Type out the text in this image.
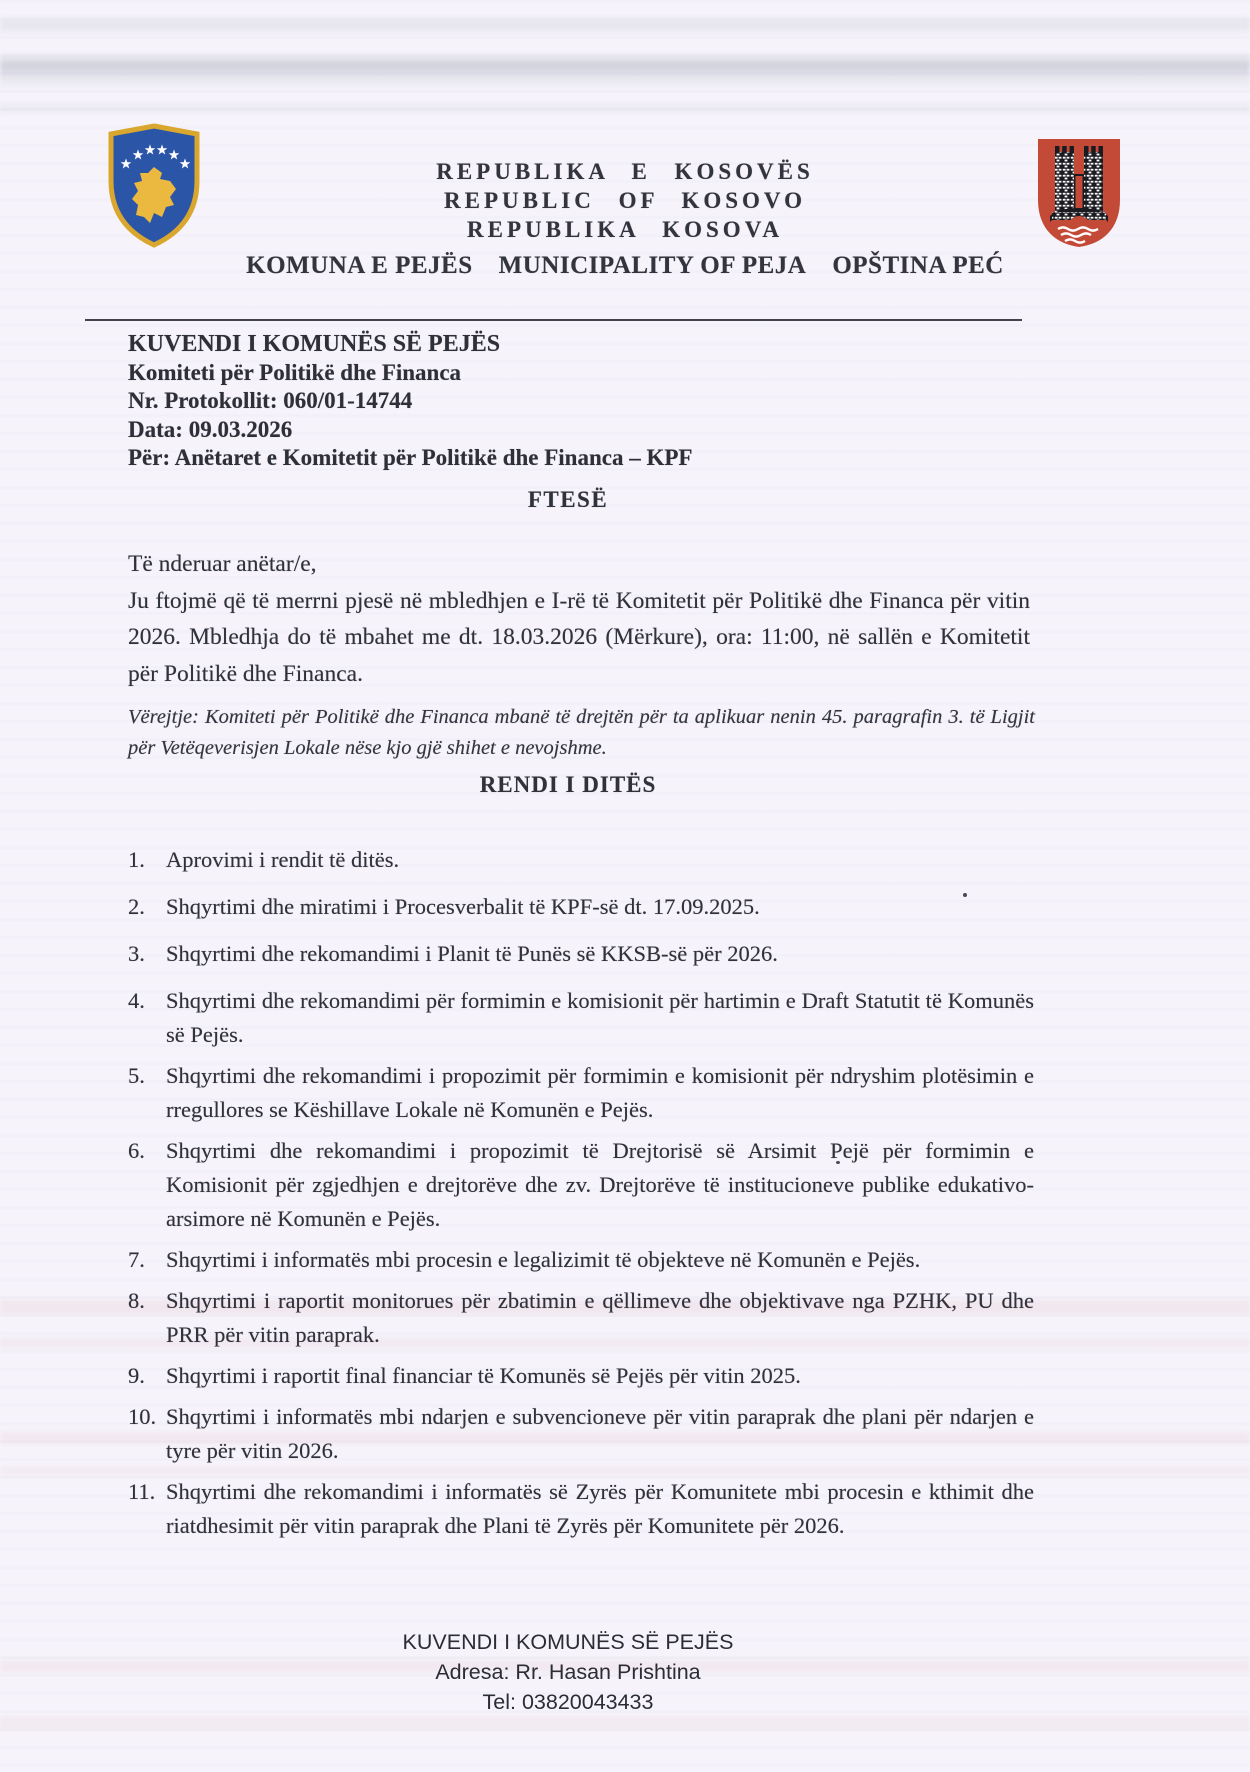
REPUBLIKA E KOSOVËS
REPUBLIC OF KOSOVO
REPUBLIKA KOSOVA
KOMUNA E PEJËS MUNICIPALITY OF PEJA OPŠTINA PEĆ
KUVENDI I KOMUNËS SË PEJËS
Komiteti për Politikë dhe Financa
Nr. Protokollit: 060/01-14744
Data: 09.03.2026
Për: Anëtaret e Komitetit për Politikë dhe Financa – KPF
FTESË
Të nderuar anëtar/e,
Ju ftojmë që të merrni pjesë në mbledhjen e I-rë të Komitetit për Politikë dhe Financa për vitin 2026. Mbledhja do të mbahet me dt. 18.03.2026 (Mërkure), ora: 11:00, në sallën e Komitetit për Politikë dhe Financa.
Vërejtje: Komiteti për Politikë dhe Financa mbanë të drejtën për ta aplikuar nenin 45. paragrafin 3. të Ligjit për Vetëqeverisjen Lokale nëse kjo gjë shihet e nevojshme.
RENDI I DITËS
1. Aprovimi i rendit të ditës.
2. Shqyrtimi dhe miratimi i Procesverbalit të KPF-së dt. 17.09.2025.
3. Shqyrtimi dhe rekomandimi i Planit të Punës së KKSB-së për 2026.
4. Shqyrtimi dhe rekomandimi për formimin e komisionit për hartimin e Draft Statutit të Komunës së Pejës.
5. Shqyrtimi dhe rekomandimi i propozimit për formimin e komisionit për ndryshim plotësimin e rregullores se Këshillave Lokale në Komunën e Pejës.
6. Shqyrtimi dhe rekomandimi i propozimit të Drejtorisë së Arsimit Pejë për formimin e Komisionit për zgjedhjen e drejtorëve dhe zv. Drejtorëve të institucioneve publike edukativo-arsimore në Komunën e Pejës.
7. Shqyrtimi i informatës mbi procesin e legalizimit të objekteve në Komunën e Pejës.
8. Shqyrtimi i raportit monitorues për zbatimin e qëllimeve dhe objektivave nga PZHK, PU dhe PRR për vitin paraprak.
9. Shqyrtimi i raportit final financiar të Komunës së Pejës për vitin 2025.
10. Shqyrtimi i informatës mbi ndarjen e subvencioneve për vitin paraprak dhe plani për ndarjen e tyre për vitin 2026.
11. Shqyrtimi dhe rekomandimi i informatës së Zyrës për Komunitete mbi procesin e kthimit dhe riatdhesimit për vitin paraprak dhe Plani të Zyrës për Komunitete për 2026.
KUVENDI I KOMUNËS SË PEJËS
Adresa: Rr. Hasan Prishtina
Tel: 03820043433
